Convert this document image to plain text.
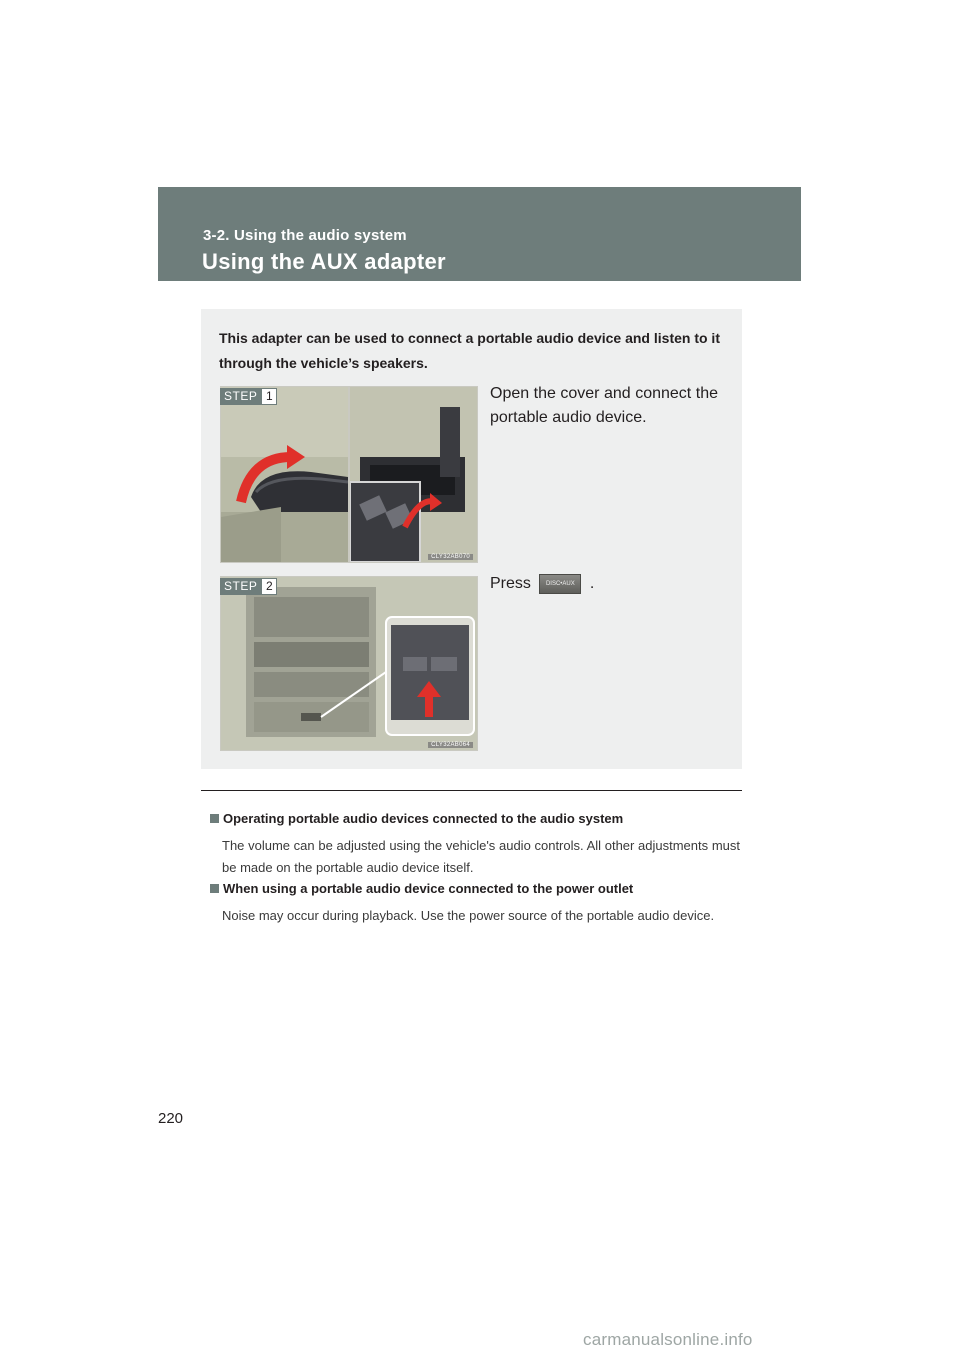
3-2. Using the audio system
Using the AUX adapter
This adapter can be used to connect a portable audio device and listen to it through the vehicle’s speakers.
CLY32AB070
STEP 1	Open the cover and connect the portable audio device.
CLY32AB064
STEP 2	Press	DISC•AUX .
Operating portable audio devices connected to the audio system
The volume can be adjusted using the vehicle's audio controls. All other adjustments must be made on the portable audio device itself.
When using a portable audio device connected to the power outlet
Noise may occur during playback. Use the power source of the portable audio device.
220
carmanualsonline.info
